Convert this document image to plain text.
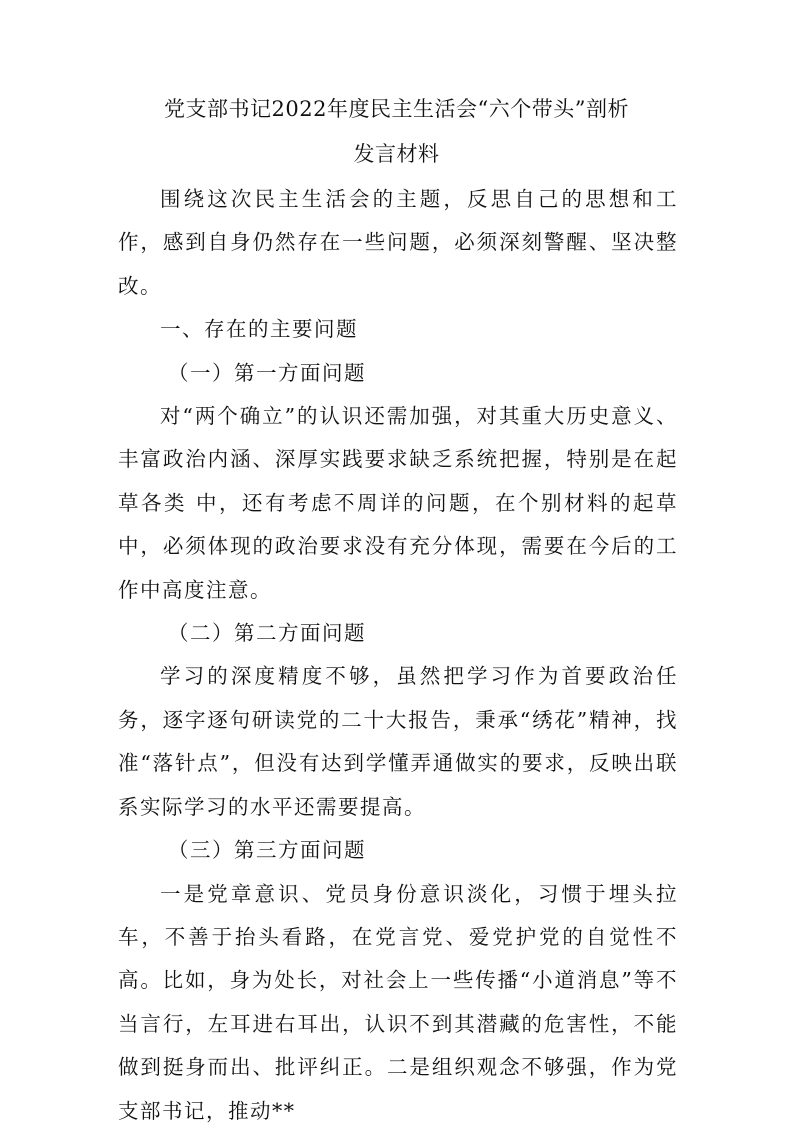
党支部书记2022年度民主生活会“六个带头”剖析
发言材料

围绕这次民主生活会的主题，反思自己的思想和工作，感到自身仍然存在一些问题，必须深刻警醒、坚决整改。

一、存在的主要问题

（一）第一方面问题

对“两个确立”的认识还需加强，对其重大历史意义、丰富政治内涵、深厚实践要求缺乏系统把握，特别是在起草各类 中，还有考虑不周详的问题，在个别材料的起草中，必须体现的政治要求没有充分体现，需要在今后的工作中高度注意。

（二）第二方面问题

学习的深度精度不够，虽然把学习作为首要政治任务，逐字逐句研读党的二十大报告，秉承“绣花”精神，找准“落针点”，但没有达到学懂弄通做实的要求，反映出联系实际学习的水平还需要提高。

（三）第三方面问题

一是党章意识、党员身份意识淡化，习惯于埋头拉车，不善于抬头看路，在党言党、爱党护党的自觉性不高。比如，身为处长，对社会上一些传播“小道消息”等不当言行，左耳进右耳出，认识不到其潜藏的危害性，不能做到挺身而出、批评纠正。二是组织观念不够强，作为党支部书记，推动**
